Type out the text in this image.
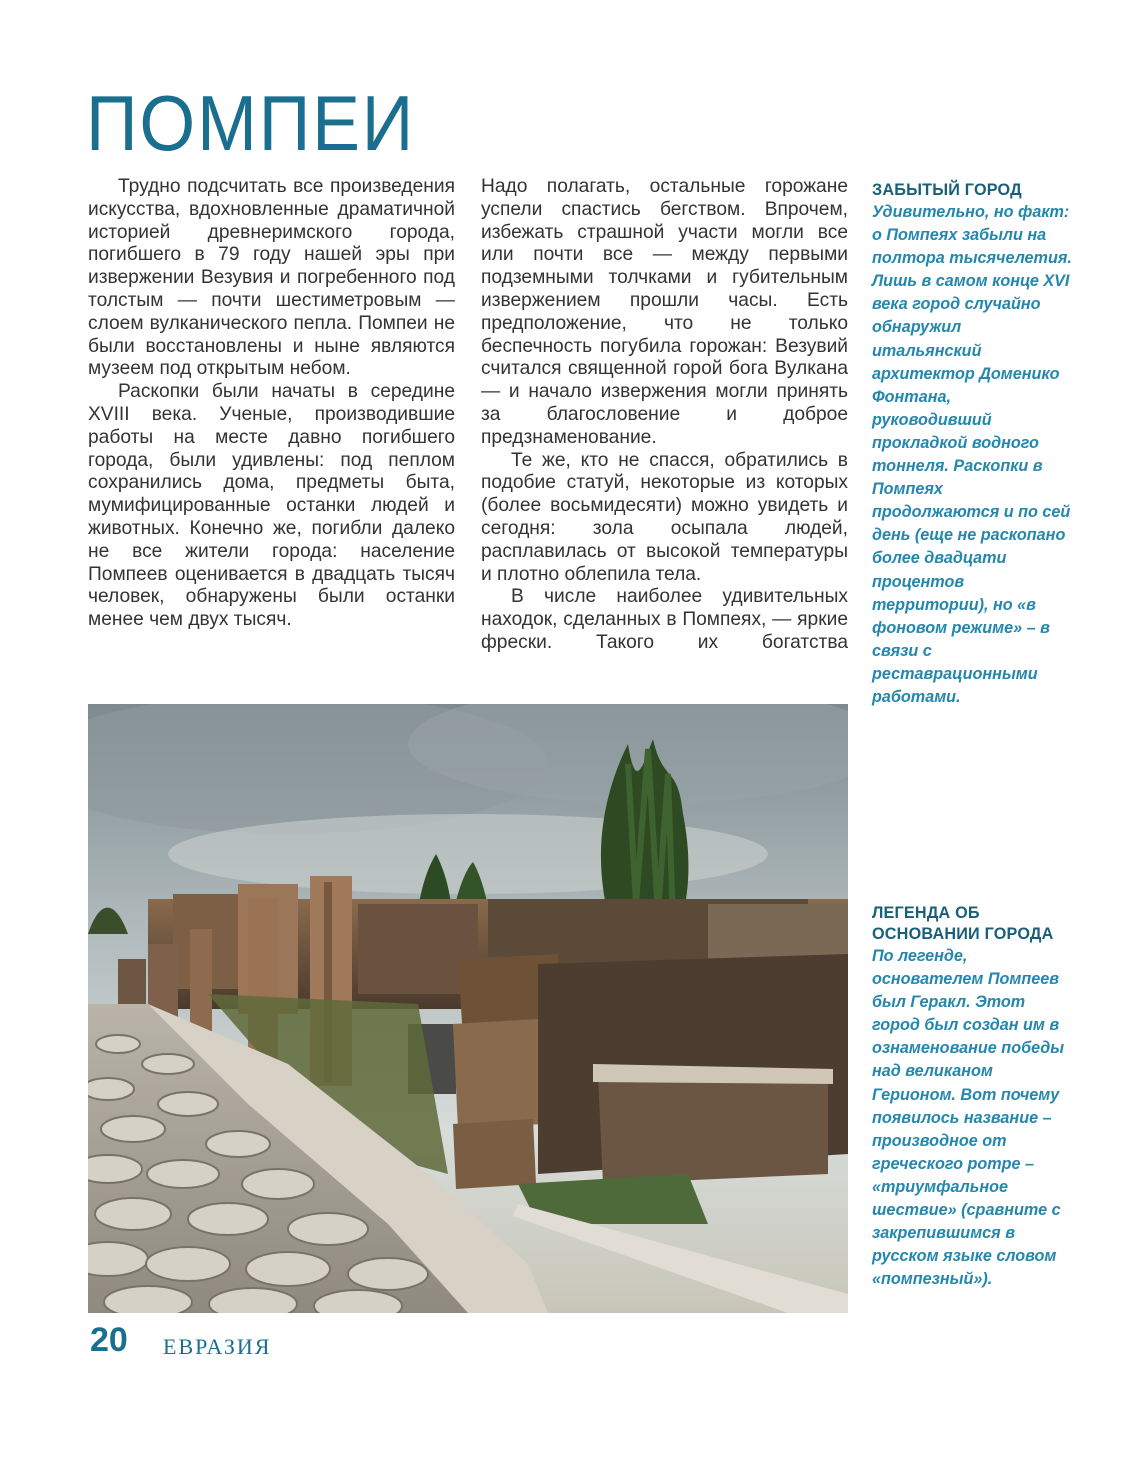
ПОМПЕИ

Трудно подсчитать все произведения искусства, вдохновленные драматичной историей древнеримского города, погибшего в 79 году нашей эры при извержении Везувия и погребенного под толстым — почти шестиметровым — слоем вулканического пепла. Помпеи не были восстановлены и ныне являются музеем под открытым небом.

Раскопки были начаты в середине XVIII века. Ученые, производившие работы на месте давно погибшего города, были удивлены: под пеплом сохранились дома, предметы быта, мумифицированные останки людей и животных. Конечно же, погибли далеко не все жители города: население Помпеев оценивается в двадцать тысяч человек, обнаружены были останки менее чем двух тысяч.

Надо полагать, остальные горожане успели спастись бегством. Впрочем, избежать страшной участи могли все или почти все — между первыми подземными толчками и губительным извержением прошли часы. Есть предположение, что не только беспечность погубила горожан: Везувий считался священной горой бога Вулкана — и начало извержения могли принять за благословение и доброе предзнаменование.

Те же, кто не спасся, обратились в подобие статуй, некоторые из которых (более восьмидесяти) можно увидеть и сегодня: зола осыпала людей, расплавилась от высокой температуры и плотно облепила тела.

В числе наиболее удивительных находок, сделанных в Помпеях, — яркие фрески. Такого их богатства

ЗАБЫТЫЙ ГОРОД

Удивительно, но факт: о Помпеях забыли на полтора тысячелетия. Лишь в самом конце XVI века город случайно обнаружил итальянский архитектор Доменико Фонтана, руководивший прокладкой водного тоннеля. Раскопки в Помпеях продолжаются и по сей день (еще не раскопано более двадцати процентов территории), но «в фоновом режиме» – в связи с реставрационными работами.

ЛЕГЕНДА ОБ ОСНОВАНИИ ГОРОДА

По легенде, основателем Помпеев был Геракл. Этот город был создан им в ознаменование победы над великаном Герионом. Вот почему появилось название – производное от греческого pompe – «триумфальное шествие» (сравните с закрепившимся в русском языке словом «помпезный»).

20 ЕВРАЗИЯ
